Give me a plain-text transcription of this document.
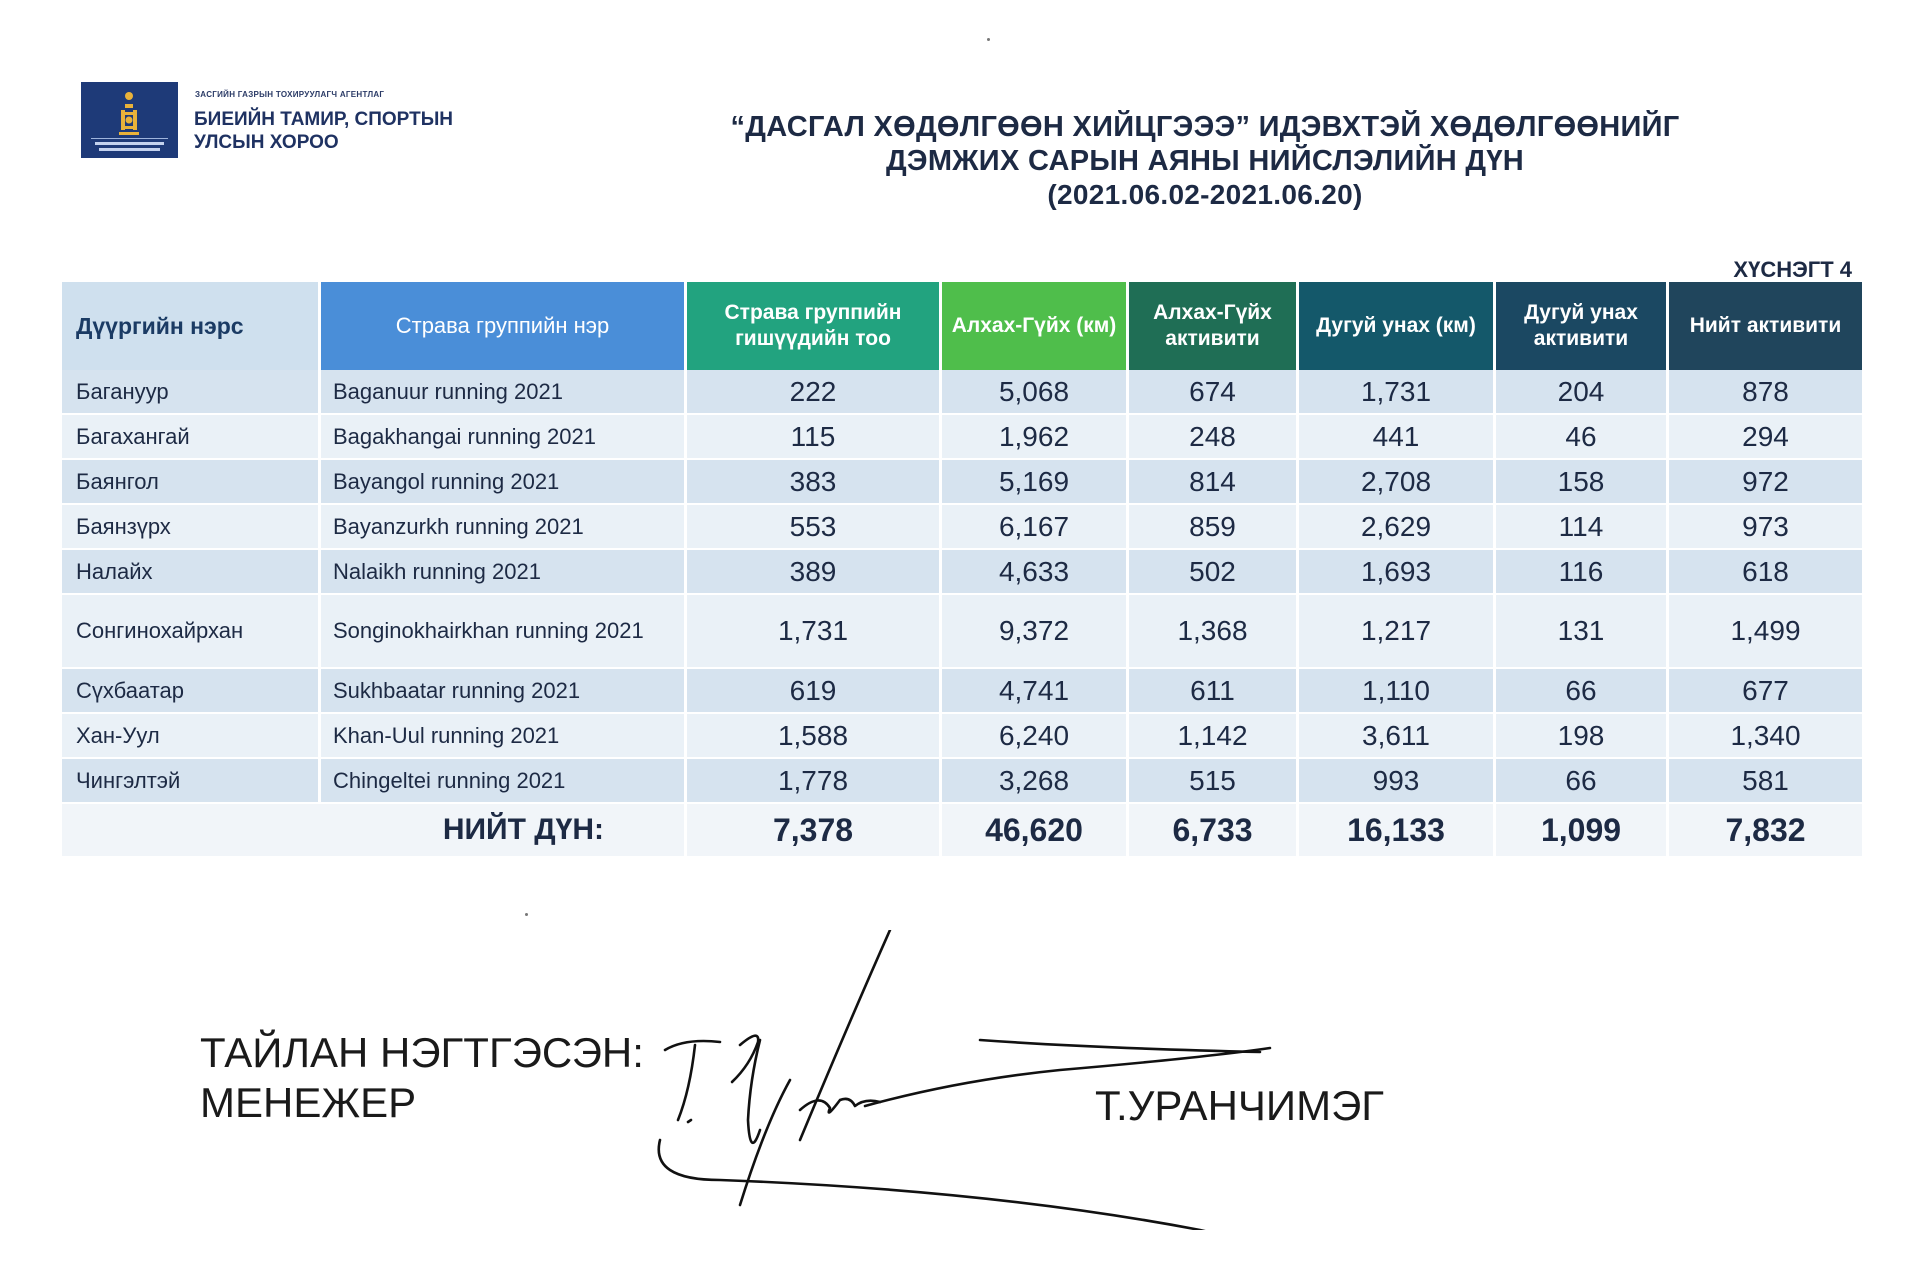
ЗАСГИЙН ГАЗРЫН ТОХИРУУЛАГЧ АГЕНТЛАГ
БИЕИЙН ТАМИР, СПОРТЫН
УЛСЫН ХОРОО	“ДАСГАЛ ХӨДӨЛГӨӨН ХИЙЦГЭЭЭ” ИДЭВХТЭЙ ХӨДӨЛГӨӨНИЙГ
ДЭМЖИХ САРЫН АЯНЫ НИЙСЛЭЛИЙН ДҮН
(2021.06.02-2021.06.20)
ХҮСНЭГТ 4
Дүүргийн нэрс	Страва группийн нэр	Страва группийн гишүүдийн тоо	Алхах-Гүйх (км)	Алхах-Гүйх активити	Дугуй унах (км)	Дугуй унах активити	Нийт активити
Багануур	Baganuur running 2021	222	5,068	674	1,731	204	878
Багахангай	Bagakhangai running 2021	115	1,962	248	441	46	294
Баянгол	Bayangol running 2021	383	5,169	814	2,708	158	972
Баянзүрх	Bayanzurkh running 2021	553	6,167	859	2,629	114	973
Налайх	Nalaikh running 2021	389	4,633	502	1,693	116	618
Сонгинохайрхан	Songinokhairkhan running 2021	1,731	9,372	1,368	1,217	131	1,499
Сүхбаатар	Sukhbaatar running 2021	619	4,741	611	1,110	66	677
Хан-Уул	Khan-Uul running 2021	1,588	6,240	1,142	3,611	198	1,340
Чингэлтэй	Chingeltei running 2021	1,778	3,268	515	993	66	581
НИЙТ ДҮН:		7,378	46,620	6,733	16,133	1,099	7,832
ТАЙЛАН НЭГТГЭСЭН:
МЕНЕЖЕР	Т.УРАНЧИМЭГ
